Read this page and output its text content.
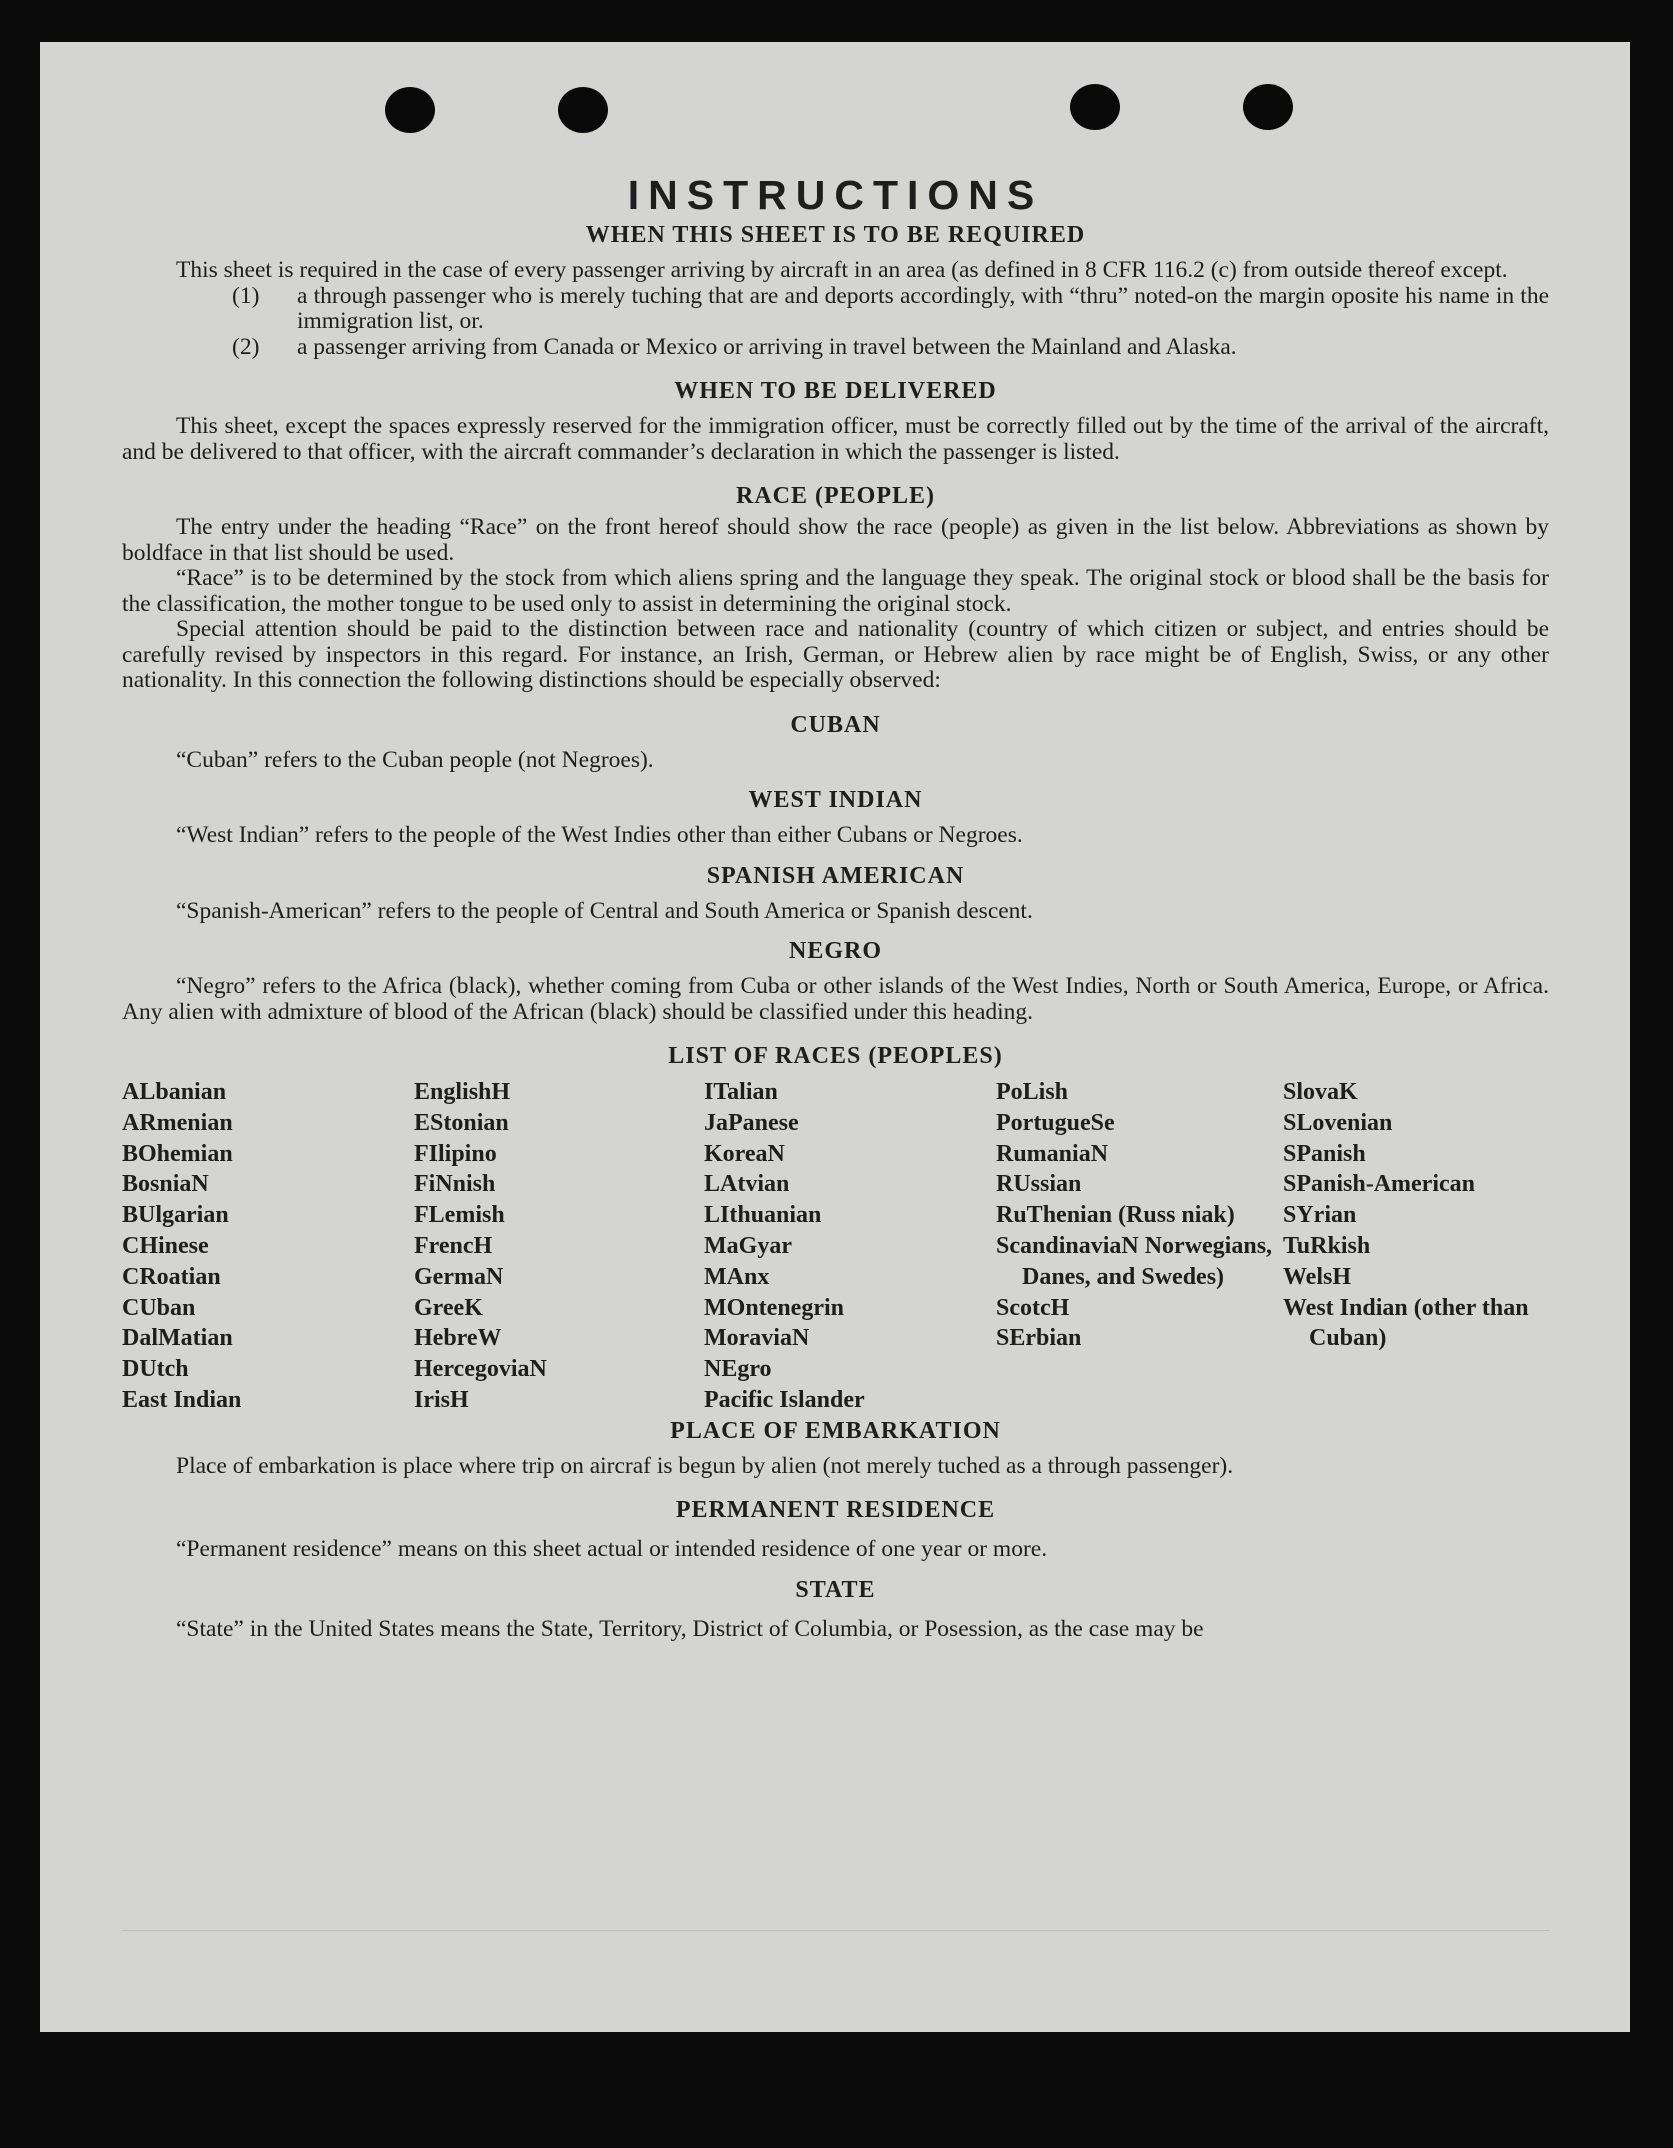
INSTRUCTIONS
WHEN THIS SHEET IS TO BE REQUIRED

This sheet is required in the case of every passenger arriving by aircraft in an area (as defined in 8 CFR 116.2 (c) from outside thereof except.

(1) a through passenger who is merely tuching that are and deports accordingly, with “thru” noted-on the margin oposite his name in the immigration list, or.
(2) a passenger arriving from Canada or Mexico or arriving in travel between the Mainland and Alaska.
WHEN TO BE DELIVERED

This sheet, except the spaces expressly reserved for the immigration officer, must be correctly filled out by the time of the arrival of the aircraft, and be delivered to that officer, with the aircraft commander’s declaration in which the passenger is listed.

RACE (PEOPLE)

The entry under the heading “Race” on the front hereof should show the race (people) as given in the list below. Abbreviations as shown by boldface in that list should be used.

“Race” is to be determined by the stock from which aliens spring and the language they speak. The original stock or blood shall be the basis for the classification, the mother tongue to be used only to assist in determining the original stock.

Special attention should be paid to the distinction between race and nationality (country of which citizen or subject, and entries should be carefully revised by inspectors in this regard. For instance, an Irish, German, or Hebrew alien by race might be of English, Swiss, or any other nationality. In this connection the following distinctions should be especially observed:

CUBAN

“Cuban” refers to the Cuban people (not Negroes).

WEST INDIAN

“West Indian” refers to the people of the West Indies other than either Cubans or Negroes.

SPANISH AMERICAN

“Spanish-American” refers to the people of Central and South America or Spanish descent.

NEGRO

“Negro” refers to the Africa (black), whether coming from Cuba or other islands of the West Indies, North or South America, Europe, or Africa. Any alien with admixture of blood of the African (black) should be classified under this heading.

LIST OF RACES (PEOPLES)
ALbanian
ARmenian
BOhemian
BosniaN
BUlgarian
CHinese
CRoatian
CUban
DalMatian
DUtch
East Indian
EnglishH
EStonian
FIlipino
FiNnish
FLemish
FrencH
GermaN
GreeK
HebreW
HercegoviaN
IrisH
ITalian
JaPanese
KoreaN
LAtvian
LIthuanian
MaGyar
MAnx
MOntenegrin
MoraviaN
NEgro
Pacific Islander
PoLish
PortugueSe
RumaniaN
RUssian
RuThenian (Russ niak)
ScandinaviaN Norwegians, Danes, and Swedes)
ScotcH
SErbian
SlovaK
SLovenian
SPanish
SPanish-American
SYrian
TuRkish
WelsH
West Indian (other than Cuban)
PLACE OF EMBARKATION

Place of embarkation is place where trip on aircraf is begun by alien (not merely tuched as a through passenger).

PERMANENT RESIDENCE

“Permanent residence” means on this sheet actual or intended residence of one year or more.

STATE

“State” in the United States means the State, Territory, District of Columbia, or Posession, as the case may be
